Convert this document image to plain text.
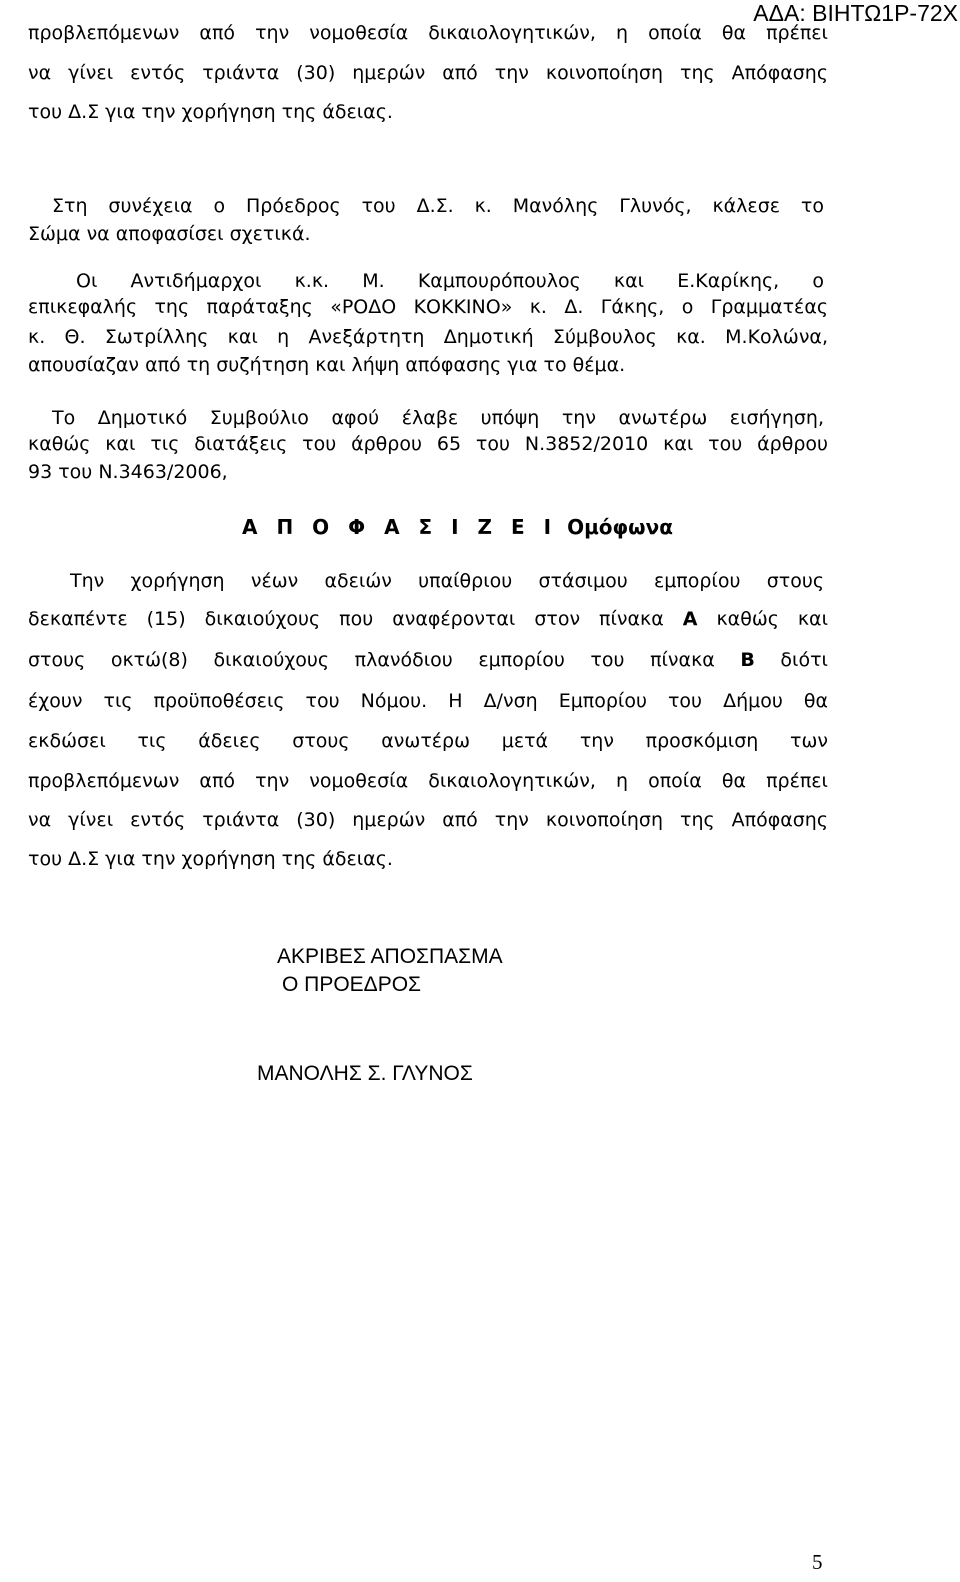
ΑΔΑ: ΒΙΗΤΩ1Ρ-72Χ
προβλεπόμενων από την νομοθεσία δικαιολογητικών, η οποία θα πρέπει
να γίνει εντός τριάντα (30) ημερών από την κοινοποίηση της Απόφασης
του Δ.Σ για την χορήγηση της άδειας.
Στη συνέχεια ο Πρόεδρος του Δ.Σ. κ. Μανόλης Γλυνός, κάλεσε το
Σώμα να αποφασίσει σχετικά.
Οι Αντιδήμαρχοι κ.κ. Μ. Καμπουρόπουλος και Ε.Καρίκης, ο
επικεφαλής της παράταξης «ΡΟΔΟ ΚΟΚΚΙΝΟ» κ. Δ. Γάκης, ο Γραμματέας
κ. Θ. Σωτρίλλης και η Ανεξάρτητη Δημοτική Σύμβουλος κα. Μ.Κολώνα,
απουσίαζαν από τη συζήτηση και λήψη απόφασης για το θέμα.
Το Δημοτικό Συμβούλιο αφού έλαβε υπόψη την ανωτέρω εισήγηση,
καθώς και τις διατάξεις του άρθρου 65 του Ν.3852/2010 και του άρθρου
93 του Ν.3463/2006,
Α Π Ο Φ Α Σ Ι Ζ Ε Ι Ομόφωνα
Την χορήγηση νέων αδειών υπαίθριου στάσιμου εμπορίου στους
δεκαπέντε (15) δικαιούχους που αναφέρονται στον πίνακα Α καθώς και
στους οκτώ(8) δικαιούχους πλανόδιου εμπορίου του πίνακα Β διότι
έχουν τις προϋποθέσεις του Νόμου. Η Δ/νση Εμπορίου του Δήμου θα
εκδώσει τις άδειες στους ανωτέρω μετά την προσκόμιση των
προβλεπόμενων από την νομοθεσία δικαιολογητικών, η οποία θα πρέπει
να γίνει εντός τριάντα (30) ημερών από την κοινοποίηση της Απόφασης
του Δ.Σ για την χορήγηση της άδειας.
ΑΚΡΙΒΕΣ ΑΠΟΣΠΑΣΜΑ
Ο ΠΡΟΕΔΡΟΣ
ΜΑΝΟΛΗΣ Σ. ΓΛΥΝΟΣ
5
